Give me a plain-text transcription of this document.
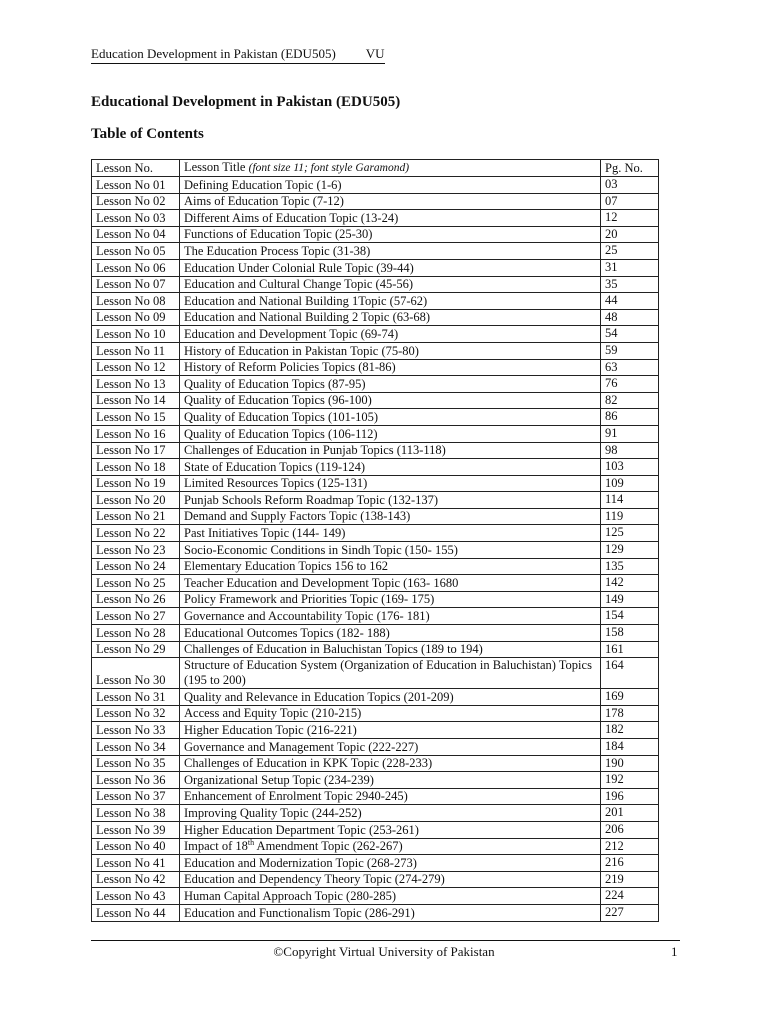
Education Development in Pakistan (EDU505) VU
Educational Development in Pakistan (EDU505)
Table of Contents
Lesson No.	Lesson Title (font size 11; font style Garamond)	Pg. No.
Lesson No 01	Defining Education Topic (1-6)	03
Lesson No 02	Aims of Education Topic (7-12)	07
Lesson No 03	Different Aims of Education Topic (13-24)	12
Lesson No 04	Functions of Education Topic (25-30)	20
Lesson No 05	The Education Process Topic (31-38)	25
Lesson No 06	Education Under Colonial Rule Topic (39-44)	31
Lesson No 07	Education and Cultural Change Topic (45-56)	35
Lesson No 08	Education and National Building 1Topic (57-62)	44
Lesson No 09	Education and National Building 2 Topic (63-68)	48
Lesson No 10	Education and Development Topic (69-74)	54
Lesson No 11	History of Education in Pakistan Topic (75-80)	59
Lesson No 12	History of Reform Policies Topics (81-86)	63
Lesson No 13	Quality of Education Topics (87-95)	76
Lesson No 14	Quality of Education Topics (96-100)	82
Lesson No 15	Quality of Education Topics (101-105)	86
Lesson No 16	Quality of Education Topics (106-112)	91
Lesson No 17	Challenges of Education in Punjab Topics (113-118)	98
Lesson No 18	State of Education Topics (119-124)	103
Lesson No 19	Limited Resources Topics (125-131)	109
Lesson No 20	Punjab Schools Reform Roadmap Topic (132-137)	114
Lesson No 21	Demand and Supply Factors Topic (138-143)	119
Lesson No 22	Past Initiatives Topic (144- 149)	125
Lesson No 23	Socio-Economic Conditions in Sindh Topic (150- 155)	129
Lesson No 24	Elementary Education Topics 156 to 162	135
Lesson No 25	Teacher Education and Development Topic (163- 1680	142
Lesson No 26	Policy Framework and Priorities Topic (169- 175)	149
Lesson No 27	Governance and Accountability Topic (176- 181)	154
Lesson No 28	Educational Outcomes Topics (182- 188)	158
Lesson No 29	Challenges of Education in Baluchistan Topics (189 to 194)	161
Lesson No 30	Structure of Education System (Organization of Education in Baluchistan) Topics (195 to 200)	164
Lesson No 31	Quality and Relevance in Education Topics (201-209)	169
Lesson No 32	Access and Equity Topic (210-215)	178
Lesson No 33	Higher Education Topic (216-221)	182
Lesson No 34	Governance and Management Topic (222-227)	184
Lesson No 35	Challenges of Education in KPK Topic (228-233)	190
Lesson No 36	Organizational Setup Topic (234-239)	192
Lesson No 37	Enhancement of Enrolment Topic 2940-245)	196
Lesson No 38	Improving Quality Topic (244-252)	201
Lesson No 39	Higher Education Department Topic (253-261)	206
Lesson No 40	Impact of 18th Amendment Topic (262-267)	212
Lesson No 41	Education and Modernization Topic (268-273)	216
Lesson No 42	Education and Dependency Theory Topic (274-279)	219
Lesson No 43	Human Capital Approach Topic (280-285)	224
Lesson No 44	Education and Functionalism Topic (286-291)	227
©Copyright Virtual University of Pakistan	1
